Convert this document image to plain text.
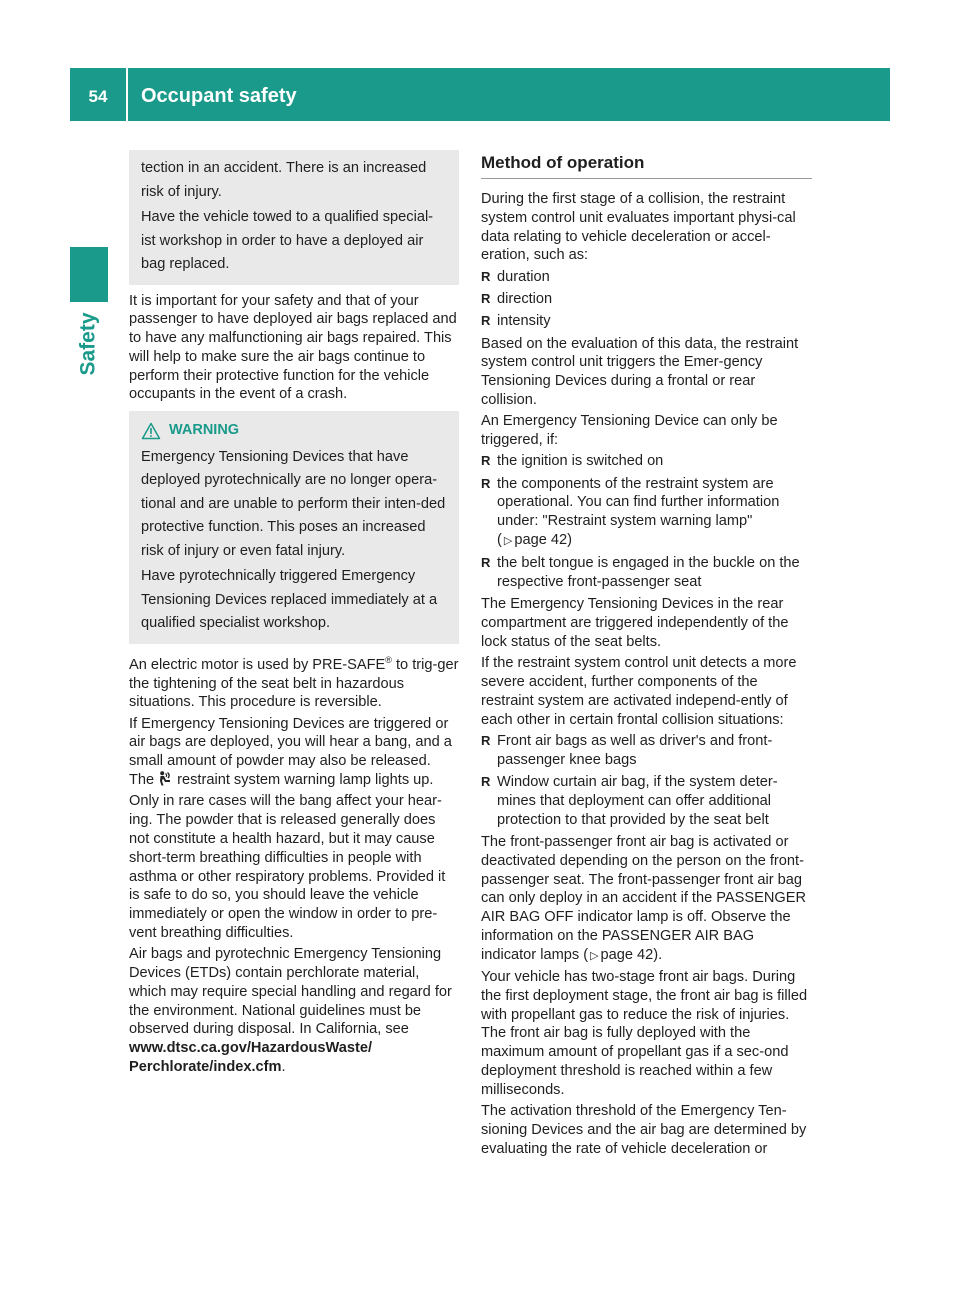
54	Occupant safety
Safety

tection in an accident. There is an increased risk of injury.

Have the vehicle towed to a qualified special-ist workshop in order to have a deployed air bag replaced.

It is important for your safety and that of your passenger to have deployed air bags replaced and to have any malfunctioning air bags repaired. This will help to make sure the air bags continue to perform their protective function for the vehicle occupants in the event of a crash.

WARNING

Emergency Tensioning Devices that have deployed pyrotechnically are no longer opera-tional and are unable to perform their inten-ded protective function. This poses an increased risk of injury or even fatal injury.

Have pyrotechnically triggered Emergency Tensioning Devices replaced immediately at a qualified specialist workshop.

An electric motor is used by PRE-SAFE® to trig-ger the tightening of the seat belt in hazardous situations. This procedure is reversible.

If Emergency Tensioning Devices are triggered or air bags are deployed, you will hear a bang, and a small amount of powder may also be released. The restraint system warning lamp lights up.

Only in rare cases will the bang affect your hear-ing. The powder that is released generally does not constitute a health hazard, but it may cause short-term breathing difficulties in people with asthma or other respiratory problems. Provided it is safe to do so, you should leave the vehicle immediately or open the window in order to pre-vent breathing difficulties.

Air bags and pyrotechnic Emergency Tensioning Devices (ETDs) contain perchlorate material, which may require special handling and regard for the environment. National guidelines must be observed during disposal. In California, see www.dtsc.ca.gov/HazardousWaste/ Perchlorate/index.cfm.

Method of operation

During the first stage of a collision, the restraint system control unit evaluates important physi-cal data relating to vehicle deceleration or accel-eration, such as:

R duration
R direction
R intensity

Based on the evaluation of this data, the restraint system control unit triggers the Emer-gency Tensioning Devices during a frontal or rear collision.

An Emergency Tensioning Device can only be triggered, if:

R the ignition is switched on
R the components of the restraint system are operational. You can find further information under: "Restraint system warning lamp"

( ▷ page 42)
R the belt tongue is engaged in the buckle on the respective front-passenger seat

The Emergency Tensioning Devices in the rear compartment are triggered independently of the lock status of the seat belts.

If the restraint system control unit detects a more severe accident, further components of the restraint system are activated independ-ently of each other in certain frontal collision situations:

R Front air bags as well as driver's and front-passenger knee bags
R Window curtain air bag, if the system deter-mines that deployment can offer additional protection to that provided by the seat belt

The front-passenger front air bag is activated or deactivated depending on the person on the front-passenger seat. The front-passenger front air bag can only deploy in an accident if the PASSENGER AIR BAG OFF indicator lamp is off. Observe the information on the PASSENGER AIR BAG indicator lamps ( ▷ page 42).

Your vehicle has two-stage front air bags. During the first deployment stage, the front air bag is filled with propellant gas to reduce the risk of injuries. The front air bag is fully deployed with the maximum amount of propellant gas if a sec-ond deployment threshold is reached within a few milliseconds.

The activation threshold of the Emergency Ten-sioning Devices and the air bag are determined by evaluating the rate of vehicle deceleration or
